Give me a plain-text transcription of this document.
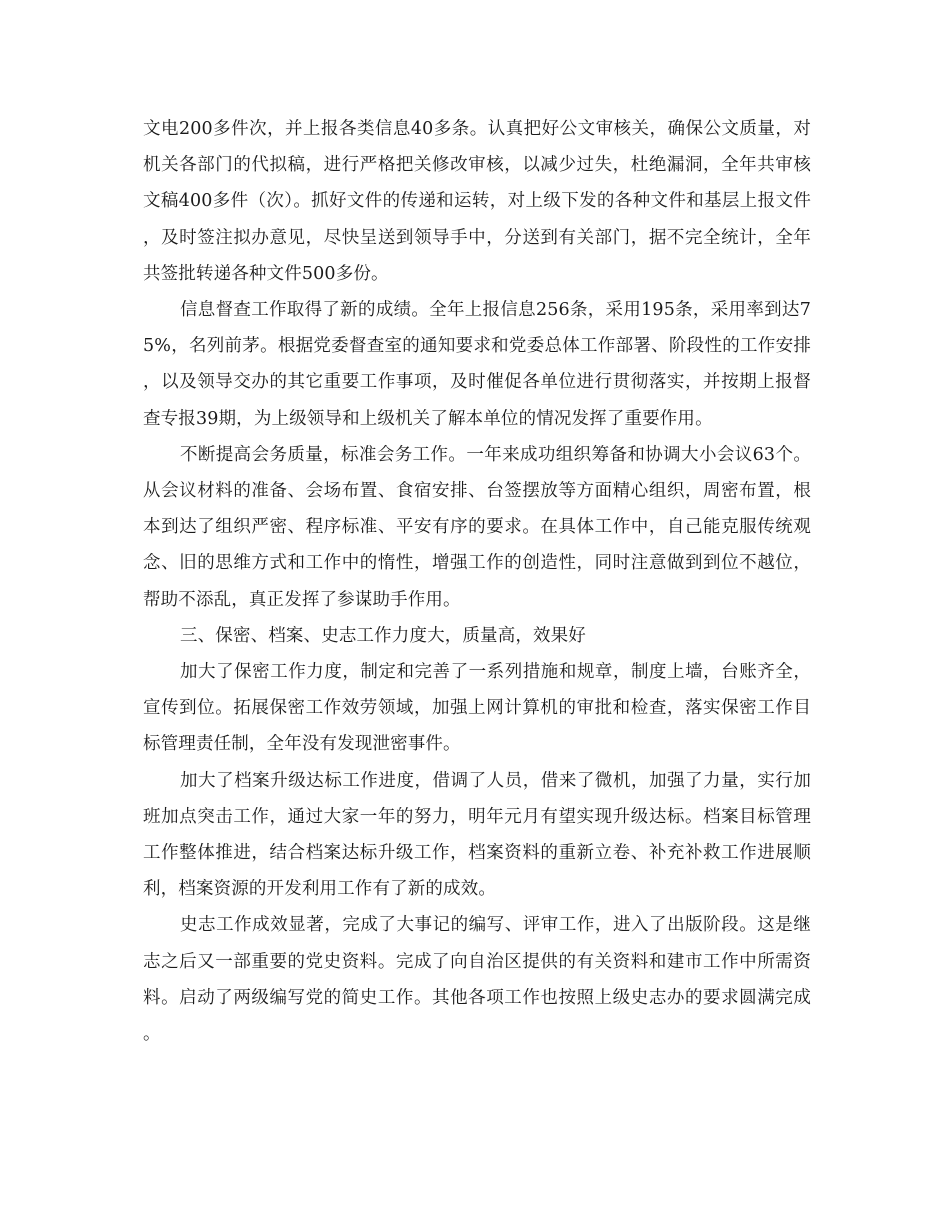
文电200多件次，并上报各类信息40多条。认真把好公文审核关，确保公文质量，对机关各部门的代拟稿，进行严格把关修改审核，以减少过失，杜绝漏洞，全年共审核文稿400多件（次）。抓好文件的传递和运转，对上级下发的各种文件和基层上报文件，及时签注拟办意见，尽快呈送到领导手中，分送到有关部门，据不完全统计，全年共签批转递各种文件500多份。

信息督查工作取得了新的成绩。全年上报信息256条，采用195条，采用率到达75%，名列前茅。根据党委督查室的通知要求和党委总体工作部署、阶段性的工作安排，以及领导交办的其它重要工作事项，及时催促各单位进行贯彻落实，并按期上报督查专报39期，为上级领导和上级机关了解本单位的情况发挥了重要作用。

不断提高会务质量，标准会务工作。一年来成功组织筹备和协调大小会议63个。从会议材料的准备、会场布置、食宿安排、台签摆放等方面精心组织，周密布置，根本到达了组织严密、程序标准、平安有序的要求。在具体工作中，自己能克服传统观念、旧的思维方式和工作中的惰性，增强工作的创造性，同时注意做到到位不越位，帮助不添乱，真正发挥了参谋助手作用。

三、保密、档案、史志工作力度大，质量高，效果好

加大了保密工作力度，制定和完善了一系列措施和规章，制度上墙，台账齐全，宣传到位。拓展保密工作效劳领域，加强上网计算机的审批和检查，落实保密工作目标管理责任制，全年没有发现泄密事件。

加大了档案升级达标工作进度，借调了人员，借来了微机，加强了力量，实行加班加点突击工作，通过大家一年的努力，明年元月有望实现升级达标。档案目标管理工作整体推进，结合档案达标升级工作，档案资料的重新立卷、补充补救工作进展顺利，档案资源的开发利用工作有了新的成效。

史志工作成效显著，完成了大事记的编写、评审工作，进入了出版阶段。这是继志之后又一部重要的党史资料。完成了向自治区提供的有关资料和建市工作中所需资料。启动了两级编写党的简史工作。其他各项工作也按照上级史志办的要求圆满完成。
